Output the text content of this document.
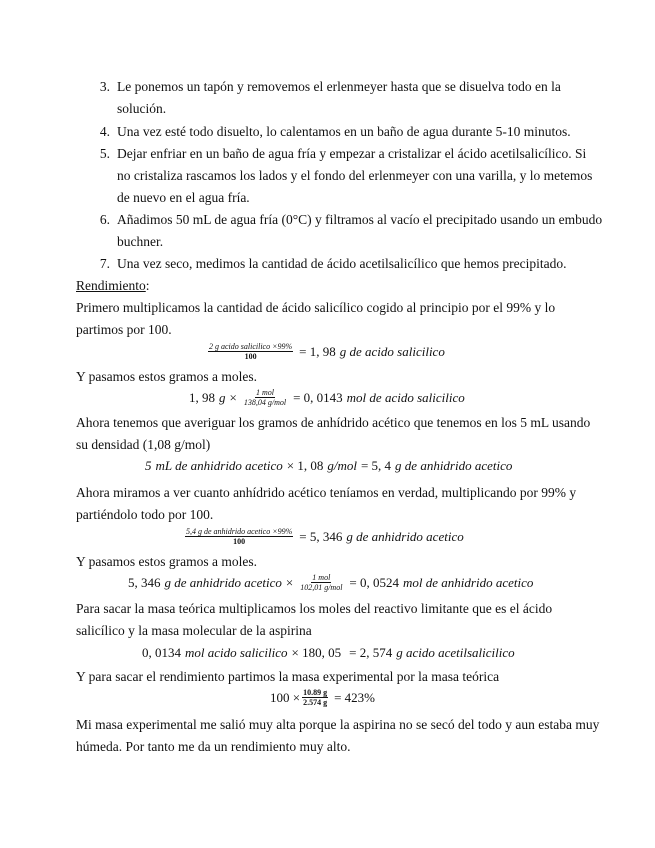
3. Le ponemos un tapón y removemos el erlenmeyer hasta que se disuelva todo en la
solución.
4. Una vez esté todo disuelto, lo calentamos en un baño de agua durante 5-10 minutos.
5. Dejar enfriar en un baño de agua fría y empezar a cristalizar el ácido acetilsalicílico. Si
no cristaliza rascamos los lados y el fondo del erlenmeyer con una varilla, y lo metemos
de nuevo en el agua fría.
6. Añadimos 50 mL de agua fría (0°C) y filtramos al vacío el precipitado usando un embudo
buchner.
7. Una vez seco, medimos la cantidad de ácido acetilsalicílico que hemos precipitado.
Rendimiento:
Primero multiplicamos la cantidad de ácido salicílico cogido al principio por el 99% y lo
partimos por 100.
$\frac{\text{2 g acido salicilico ×99\%}}{100} = 1$, 98 g de acido salicilico
Y pasamos estos gramos a moles.
1, 98 $g \times \frac{\text{1 mol}}{\text{138,04 g/mol}} = 0$, 0143 mol de acido salicilico
Ahora tenemos que averiguar los gramos de anhídrido acético que tenemos en los 5 mL usando
su densidad (1,08 g/mol)
5 mL de anhidrido acetico × 1, 08 g/mol = 5, 4 g de anhidrido acetico
Ahora miramos a ver cuanto anhídrido acético teníamos en verdad, multiplicando por 99% y
partiéndolo todo por 100.
$\frac{\text{5,4 g de anhidrido acetico ×99\%}}{100} = 5$, 346 g de anhidrido acetico
Y pasamos estos gramos a moles.
5, 346 g de anhidrido acetico × $\frac{\text{1 mol}}{\text{102,01 g/mol}} = 0$, 0524 mol de anhidrido acetico
Para sacar la masa teórica multiplicamos los moles del reactivo limitante que es el ácido
salicílico y la masa molecular de la aspirina
0, 0134 mol acido salicilico × 180, 05 = 2, 574 g acido acetilsalicilico
Y para sacar el rendimiento partimos la masa experimental por la masa teórica
$100 \times \frac{10.89 g}{2.574 g} = 423\%$
Mi masa experimental me salió muy alta porque la aspirina no se secó del todo y aun estaba muy
húmeda. Por tanto me da un rendimiento muy alto.
